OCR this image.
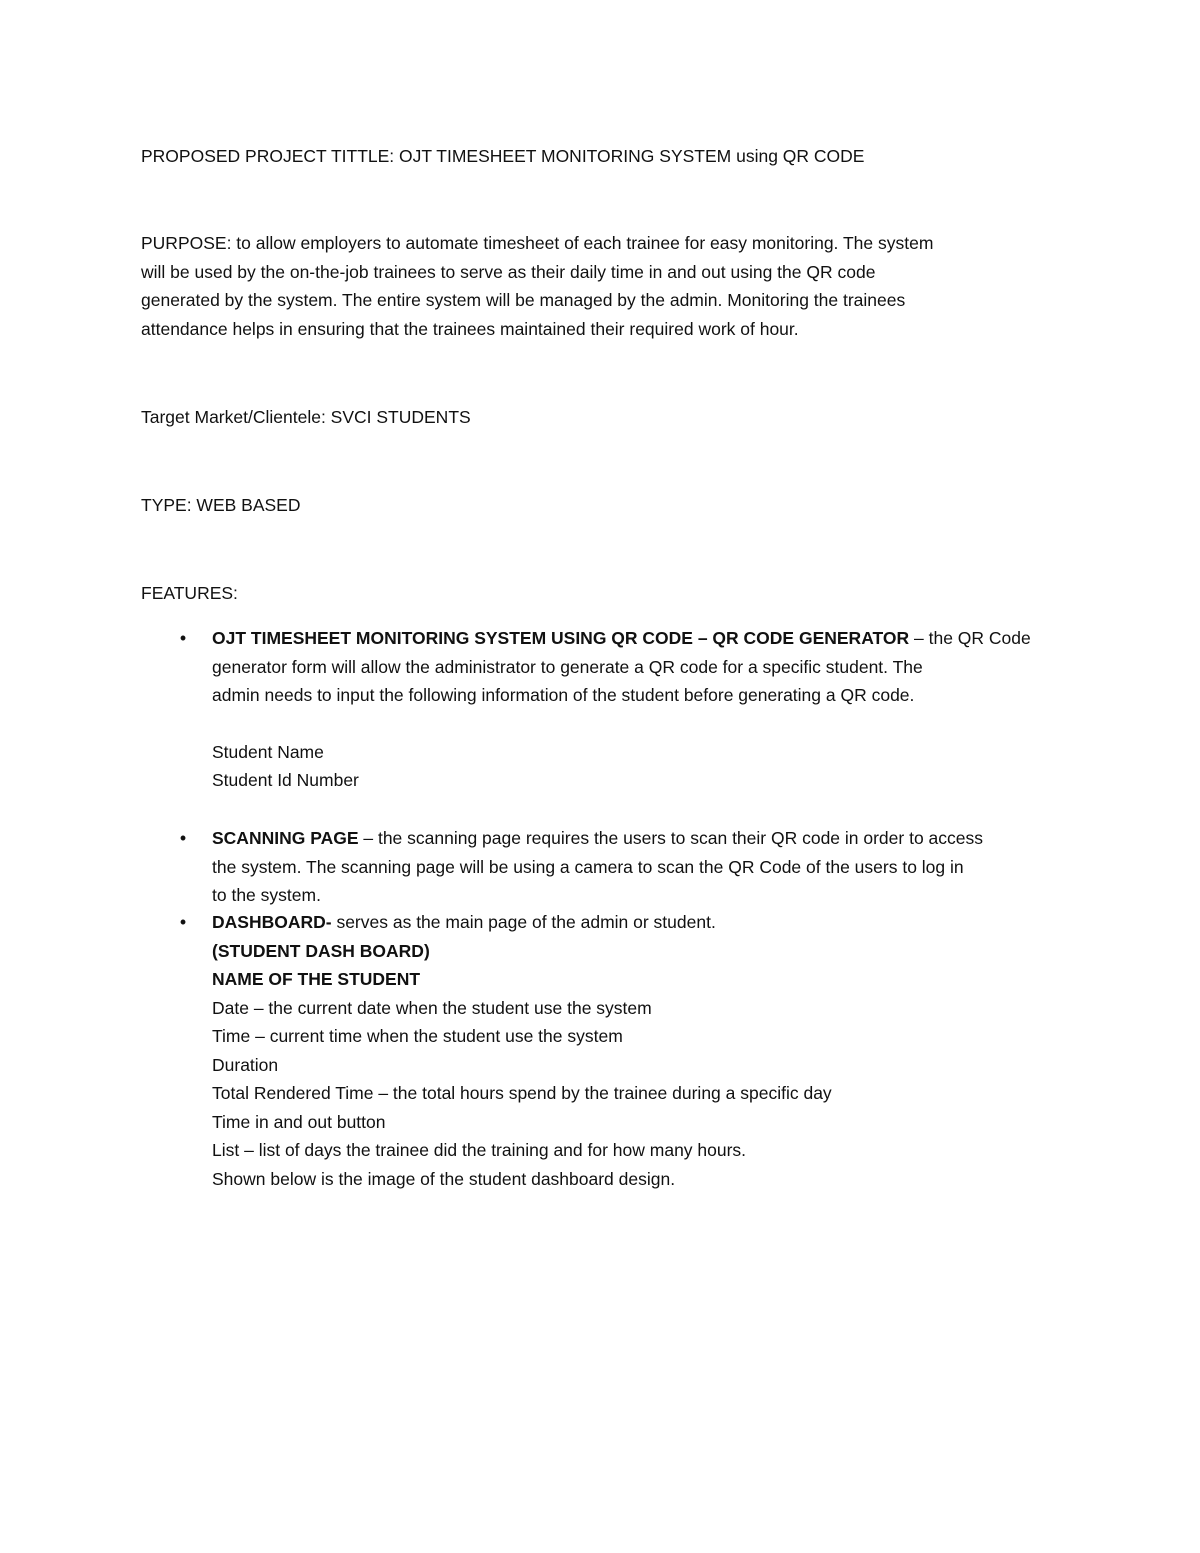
PROPOSED PROJECT TITTLE: OJT TIMESHEET MONITORING SYSTEM using QR CODE

PURPOSE: to allow employers to automate timesheet of each trainee for easy monitoring. The system
will be used by the on-the-job trainees to serve as their daily time in and out using the QR code
generated by the system. The entire system will be managed by the admin. Monitoring the trainees
attendance helps in ensuring that the trainees maintained their required work of hour.

Target Market/Clientele: SVCI STUDENTS

TYPE: WEB BASED

FEATURES:

•	OJT TIMESHEET MONITORING SYSTEM USING QR CODE – QR CODE GENERATOR – the QR Code
generator form will allow the administrator to generate a QR code for a specific student. The
admin needs to input the following information of the student before generating a QR code.
Student Name
Student Id Number
•	SCANNING PAGE – the scanning page requires the users to scan their QR code in order to access
the system. The scanning page will be using a camera to scan the QR Code of the users to log in
to the system.
•	DASHBOARD- serves as the main page of the admin or student.
(STUDENT DASH BOARD)
NAME OF THE STUDENT
Date – the current date when the student use the system
Time – current time when the student use the system
Duration
Total Rendered Time – the total hours spend by the trainee during a specific day
Time in and out button
List – list of days the trainee did the training and for how many hours.
Shown below is the image of the student dashboard design.
